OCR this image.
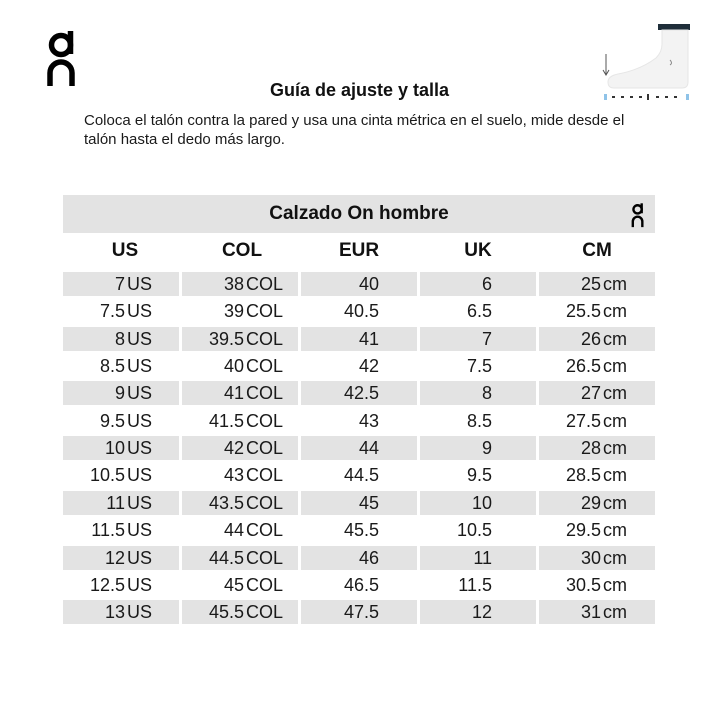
Guía de ajuste y talla
Coloca el talón contra la pared y usa una cinta métrica en el suelo, mide desde el talón hasta el dedo más largo.
Calzado On hombre
US	COL	EUR	UK	CM
7 US	38 COL	40	6	25 cm
7.5 US	39 COL	40.5	6.5	25.5 cm
8 US	39.5 COL	41	7	26 cm
8.5 US	40 COL	42	7.5	26.5 cm
9 US	41 COL	42.5	8	27 cm
9.5 US	41.5 COL	43	8.5	27.5 cm
10 US	42 COL	44	9	28 cm
10.5 US	43 COL	44.5	9.5	28.5 cm
11 US	43.5 COL	45	10	29 cm
11.5 US	44 COL	45.5	10.5	29.5 cm
12 US	44.5 COL	46	11	30 cm
12.5 US	45 COL	46.5	11.5	30.5 cm
13 US	45.5 COL	47.5	12	31 cm
